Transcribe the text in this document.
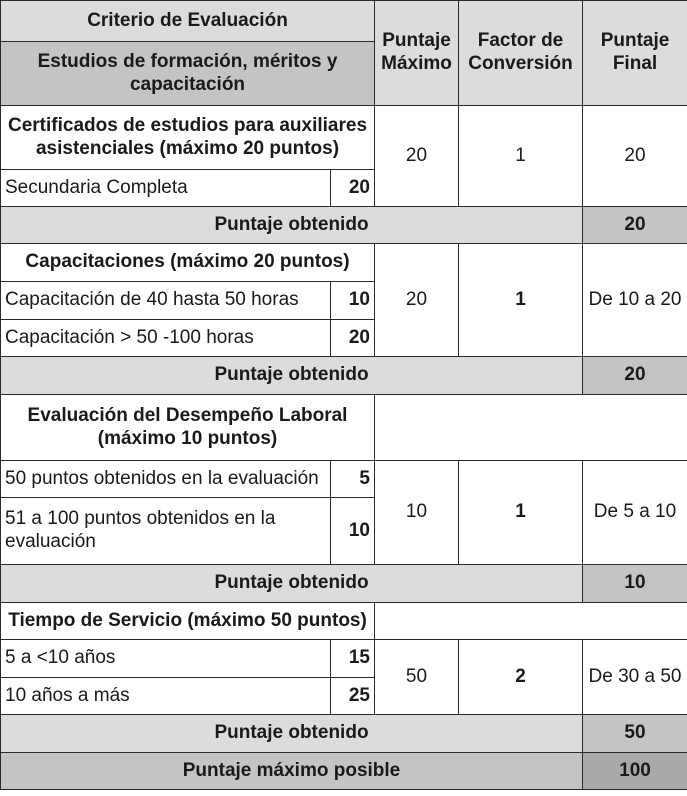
Criterio de Evaluación		Puntaje Máximo	Factor de Conversión	Puntaje Final
Estudios de formación, méritos y capacitación				
Certificados de estudios para auxiliares asistenciales (máximo 20 puntos)		20	1	20
Secundaria Completa	20			
Puntaje obtenido				20
Capacitaciones (máximo 20 puntos)		20	1	De 10 a 20
Capacitación de 40 hasta 50 horas	10			
Capacitación > 50 -100 horas	20			
Puntaje obtenido				20
Evaluación del Desempeño Laboral (máximo 10 puntos)				
50 puntos obtenidos en la evaluación	5	10	1	De 5 a 10
51 a 100 puntos obtenidos en la evaluación	10			
Puntaje obtenido				10
Tiempo de Servicio (máximo 50 puntos)				
5 a <10 años	15	50	2	De 30 a 50
10 años a más	25			
Puntaje obtenido				50
Puntaje máximo posible				100
